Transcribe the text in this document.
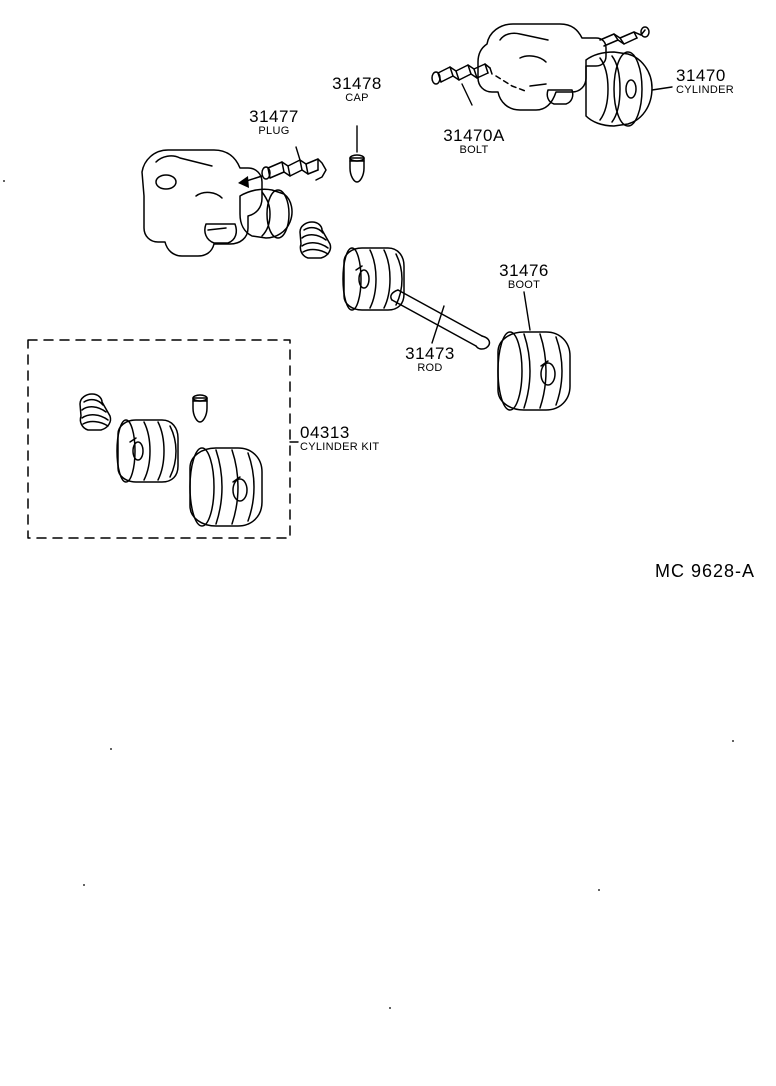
31477
PLUG
31478
CAP
31470A
BOLT
31470
CYLINDER
31476
BOOT
31473
ROD
04313
CYLINDER KIT
MC 9628-A
